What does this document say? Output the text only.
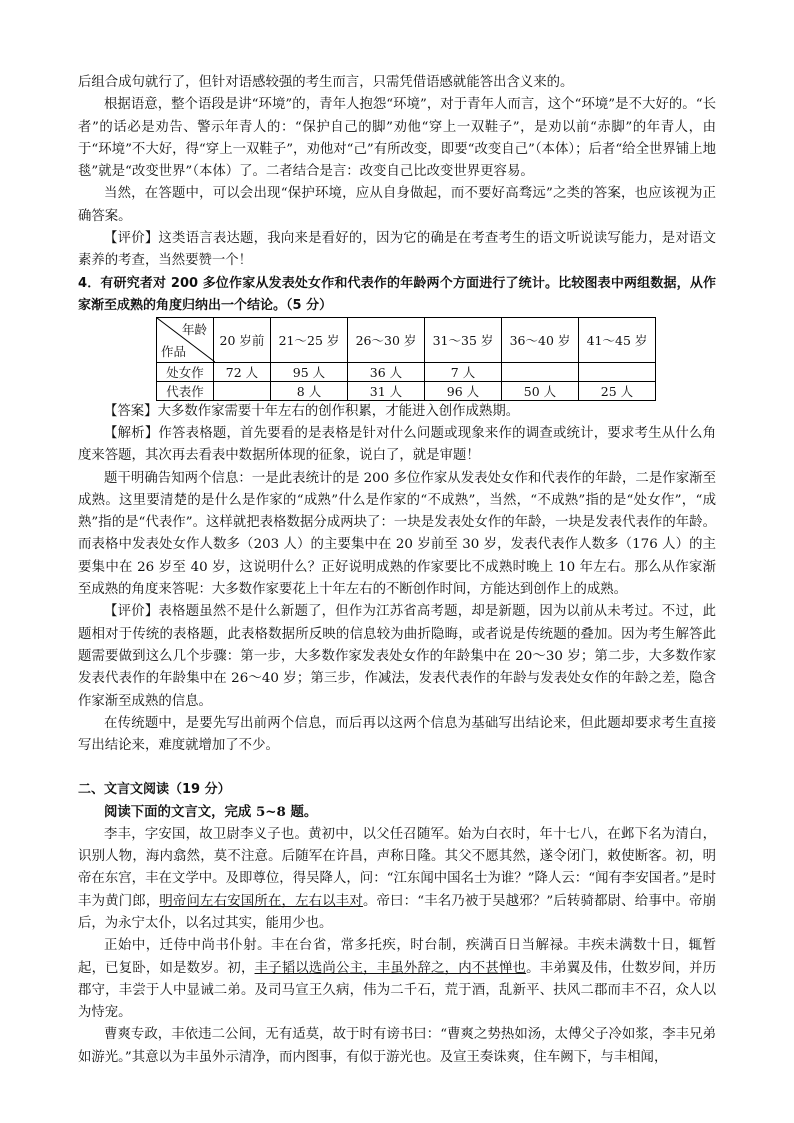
后组合成句就行了，但针对语感较强的考生而言，只需凭借语感就能答出含义来的。

根据语意，整个语段是讲“环境”的，青年人抱怨“环境”，对于青年人而言，这个“环境”是不大好的。“长者”的话必是劝告、警示年青人的：“保护自己的脚”劝他“穿上一双鞋子”，是劝以前“赤脚”的年青人，由于“环境”不大好，得“穿上一双鞋子”，劝他对“己”有所改变，即要“改变自己”（本体）；后者“给全世界铺上地毯”就是“改变世界”（本体）了。二者结合是言：改变自己比改变世界更容易。

当然，在答题中，可以会出现“保护环境，应从自身做起，而不要好高骛远”之类的答案，也应该视为正确答案。

【评价】这类语言表达题，我向来是看好的，因为它的确是在考查考生的语文听说读写能力，是对语文素养的考查，当然要赞一个！

4．有研究者对 200 多位作家从发表处女作和代表作的年龄两个方面进行了统计。比较图表中两组数据，从作家渐至成熟的角度归纳出一个结论。（5 分）

年龄
作品	20 岁前	21～25 岁	26～30 岁	31～35 岁	36～40 岁	41～45 岁
处女作	72 人	95 人	36 人	7 人		
代表作		8 人	31 人	96 人	50 人	25 人

【答案】大多数作家需要十年左右的创作积累，才能进入创作成熟期。

【解析】作答表格题，首先要看的是表格是针对什么问题或现象来作的调查或统计，要求考生从什么角度来答题，其次再去看表中数据所体现的征象，说白了，就是审题！

题干明确告知两个信息：一是此表统计的是 200 多位作家从发表处女作和代表作的年龄，二是作家渐至成熟。这里要清楚的是什么是作家的“成熟”什么是作家的“不成熟”，当然，“不成熟”指的是“处女作”，“成熟”指的是“代表作”。这样就把表格数据分成两块了：一块是发表处女作的年龄，一块是发表代表作的年龄。而表格中发表处女作人数多（203 人）的主要集中在 20 岁前至 30 岁，发表代表作人数多（176 人）的主要集中在 26 岁至 40 岁，这说明什么？正好说明成熟的作家要比不成熟时晚上 10 年左右。那么从作家渐至成熟的角度来答呢：大多数作家要花上十年左右的不断创作时间，方能达到创作上的成熟。

【评价】表格题虽然不是什么新题了，但作为江苏省高考题，却是新题，因为以前从未考过。不过，此题相对于传统的表格题，此表格数据所反映的信息较为曲折隐晦，或者说是传统题的叠加。因为考生解答此题需要做到这么几个步骤：第一步，大多数作家发表处女作的年龄集中在 20～30 岁；第二步，大多数作家发表代表作的年龄集中在 26～40 岁；第三步，作减法，发表代表作的年龄与发表处女作的年龄之差，隐含作家渐至成熟的信息。

在传统题中，是要先写出前两个信息，而后再以这两个信息为基础写出结论来，但此题却要求考生直接写出结论来，难度就增加了不少。

二、文言文阅读（19 分）

阅读下面的文言文，完成 5~8 题。

李丰，字安国，故卫尉李义子也。黄初中，以父任召随军。始为白衣时，年十七八，在邺下名为清白，识别人物，海内翕然，莫不注意。后随军在许昌，声称日隆。其父不愿其然，遂令闭门，敕使断客。初，明帝在东宫，丰在文学中。及即尊位，得吴降人，问：“江东闻中国名士为谁？”降人云：“闻有李安国者。”是时丰为黄门郎，明帝问左右安国所在，左右以丰对。帝曰：“丰名乃被于吴越邪？”后转骑都尉、给事中。帝崩后，为永宁太仆，以名过其实，能用少也。

正始中，迁侍中尚书仆射。丰在台省，常多托疾，时台制，疾满百日当解禄。丰疾未满数十日，辄暂起，已复卧，如是数岁。初，丰子韬以选尚公主，丰虽外辞之，内不甚惮也。丰弟翼及伟，仕数岁间，并历郡守，丰尝于人中显诫二弟。及司马宣王久病，伟为二千石，荒于酒，乱新平、扶风二郡而丰不召，众人以为恃宠。

曹爽专政，丰依违二公间，无有适莫，故于时有谤书曰：“曹爽之势热如汤，太傅父子冷如浆，李丰兄弟如游光。”其意以为丰虽外示清净，而内图事，有似于游光也。及宣王奏诛爽，住车阙下，与丰相闻，
